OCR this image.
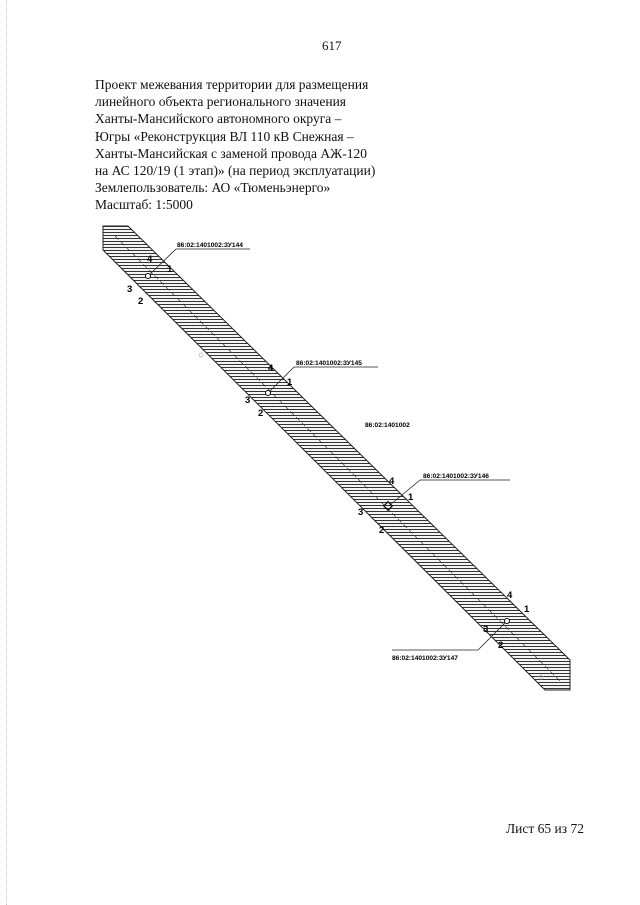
617
Проект межевания территории для размещения
линейного объекта регионального значения
Ханты-Мансийского автономного округа –
Югры «Реконструкция ВЛ 110 кВ Снежная –
Ханты-Мансийская с заменой провода АЖ-120
на АС 120/19 (1 этап)» (на период эксплуатации)
Землепользователь: АО «Тюменьэнерго»
Масштаб: 1:5000
86:02:1401002
86:02:1401002:ЗУ144
4
1
3
2
86:02:1401002:ЗУ145
4
1
3
2
86:02:1401002:ЗУ146
4
1
3
2
86:02:1401002:ЗУ147
4
1
3
2
Лист 65 из 72
